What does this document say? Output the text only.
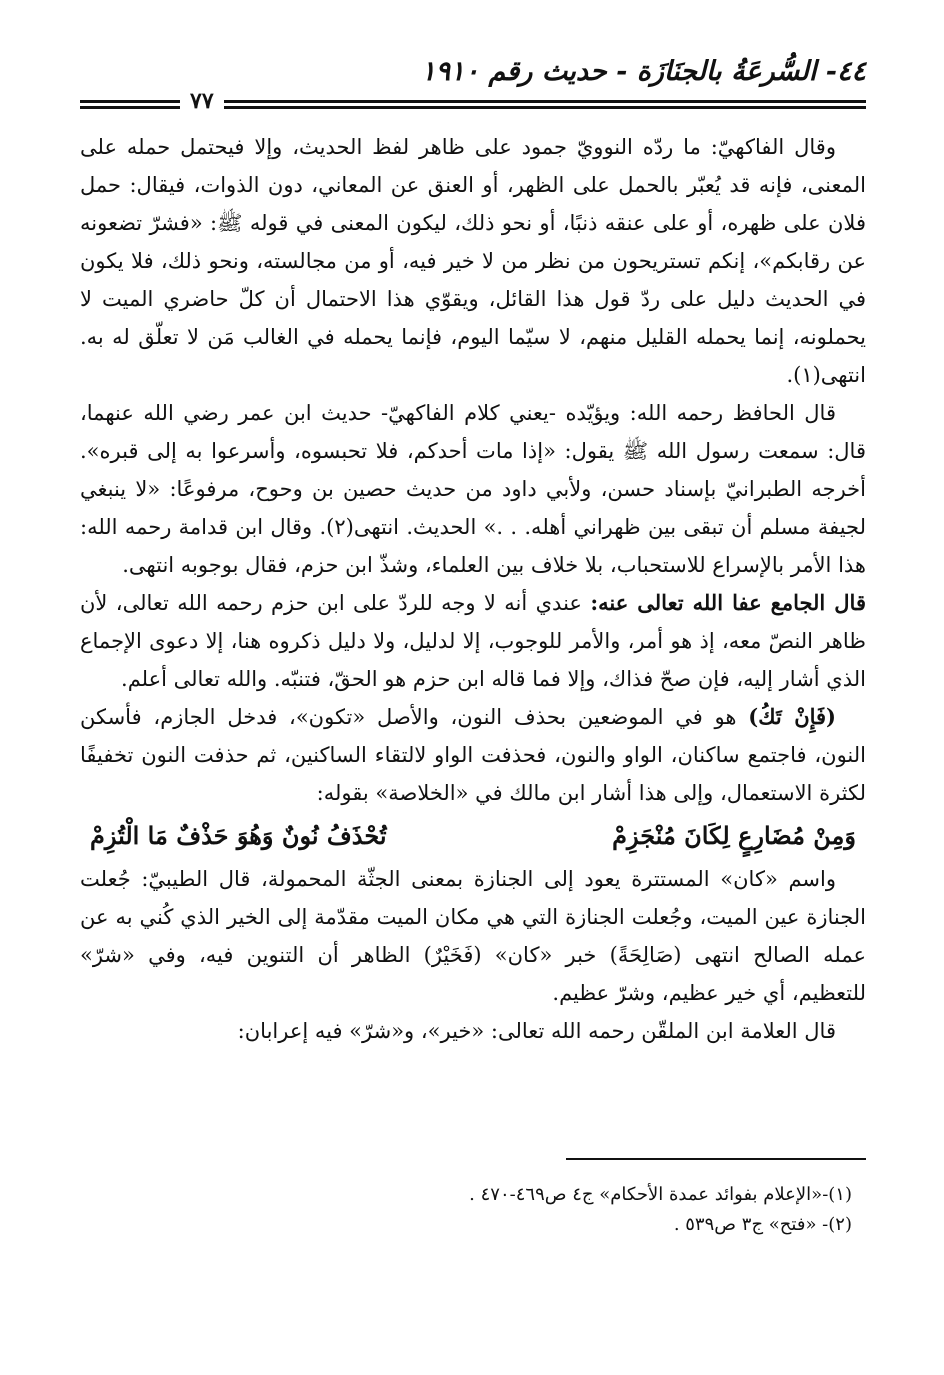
٤٤- السُّرعَةُ بالجنَازَة - حديث رقم ١٩١٠
٧٧

وقال الفاكهيّ: ما ردّه النوويّ جمود على ظاهر لفظ الحديث، وإلا فيحتمل حمله على المعنى، فإنه قد يُعبّر بالحمل على الظهر، أو العنق عن المعاني، دون الذوات، فيقال: حمل فلان على ظهره، أو على عنقه ذنبًا، أو نحو ذلك، ليكون المعنى في قوله ﷺ: «فشرّ تضعونه عن رقابكم»، إنكم تستريحون من نظر من لا خير فيه، أو من مجالسته، ونحو ذلك، فلا يكون في الحديث دليل على ردّ قول هذا القائل، ويقوّي هذا الاحتمال أن كلّ حاضري الميت لا يحملونه، إنما يحمله القليل منهم، لا سيّما اليوم، فإنما يحمله في الغالب مَن لا تعلّق له به. انتهى(١).

قال الحافظ رحمه الله: ويؤيّده -يعني كلام الفاكهيّ- حديث ابن عمر رضي الله عنهما، قال: سمعت رسول الله ﷺ يقول: «إذا مات أحدكم، فلا تحبسوه، وأسرعوا به إلى قبره». أخرجه الطبرانيّ بإسناد حسن، ولأبي داود من حديث حصين بن وحوح، مرفوعًا: «لا ينبغي لجيفة مسلم أن تبقى بين ظهراني أهله. . .» الحديث. انتهى(٢). وقال ابن قدامة رحمه الله: هذا الأمر بالإسراع للاستحباب، بلا خلاف بين العلماء، وشذّ ابن حزم، فقال بوجوبه انتهى.

قال الجامع عفا الله تعالى عنه: عندي أنه لا وجه للردّ على ابن حزم رحمه الله تعالى، لأن ظاهر النصّ معه، إذ هو أمر، والأمر للوجوب، إلا لدليل، ولا دليل ذكروه هنا، إلا دعوى الإجماع الذي أشار إليه، فإن صحّ فذاك، وإلا فما قاله ابن حزم هو الحقّ، فتنبّه. والله تعالى أعلم.

(فَإِنْ تَكُ) هو في الموضعين بحذف النون، والأصل «تكون»، فدخل الجازم، فأسكن النون، فاجتمع ساكنان، الواو والنون، فحذفت الواو لالتقاء الساكنين، ثم حذفت النون تخفيفًا لكثرة الاستعمال، وإلى هذا أشار ابن مالك في «الخلاصة» بقوله:

وَمِنْ مُضَارِعٍ لِكَانَ مُنْجَزِمْ
تُحْذَفُ نُونٌ وَهُوَ حَذْفٌ مَا الْتُزِمْ

واسم «كان» المستترة يعود إلى الجنازة بمعنى الجثّة المحمولة، قال الطيبيّ: جُعلت الجنازة عين الميت، وجُعلت الجنازة التي هي مكان الميت مقدّمة إلى الخير الذي كُني به عن عمله الصالح انتهى (صَالِحَةً) خبر «كان» (فَخَيْرٌ) الظاهر أن التنوين فيه، وفي «شرّ» للتعظيم، أي خير عظيم، وشرّ عظيم.

قال العلامة ابن الملقّن رحمه الله تعالى: «خير»، و«شرّ» فيه إعرابان:

(١)-«الإعلام بفوائد عمدة الأحكام» ج٤ ص٤٦٩-٤٧٠ .

(٢)- «فتح» ج٣ ص٥٣٩ .
